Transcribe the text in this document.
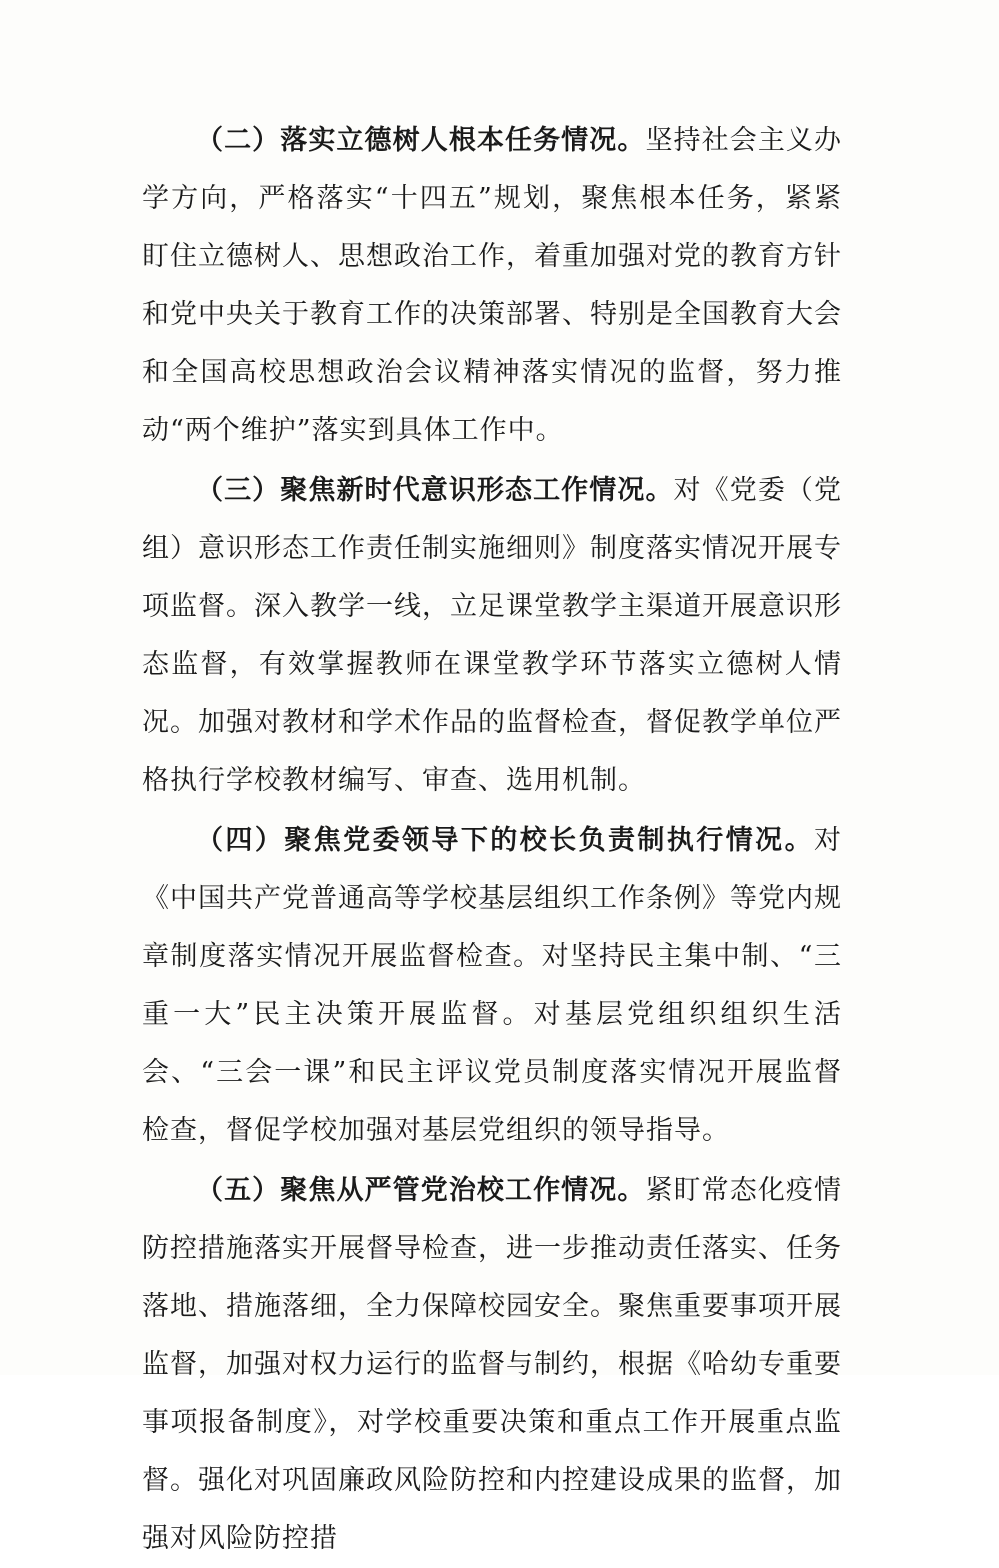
（二）落实立德树人根本任务情况。坚持社会主义办学方向，严格落实“十四五”规划，聚焦根本任务，紧紧盯住立德树人、思想政治工作，着重加强对党的教育方针和党中央关于教育工作的决策部署、特别是全国教育大会和全国高校思想政治会议精神落实情况的监督，努力推动“两个维护”落实到具体工作中。

（三）聚焦新时代意识形态工作情况。对《党委（党组）意识形态工作责任制实施细则》制度落实情况开展专项监督。深入教学一线，立足课堂教学主渠道开展意识形态监督，有效掌握教师在课堂教学环节落实立德树人情况。加强对教材和学术作品的监督检查，督促教学单位严格执行学校教材编写、审查、选用机制。

（四）聚焦党委领导下的校长负责制执行情况。对《中国共产党普通高等学校基层组织工作条例》等党内规章制度落实情况开展监督检查。对坚持民主集中制、“三重一大”民主决策开展监督。对基层党组织组织生活会、“三会一课”和民主评议党员制度落实情况开展监督检查，督促学校加强对基层党组织的领导指导。

（五）聚焦从严管党治校工作情况。紧盯常态化疫情防控措施落实开展督导检查，进一步推动责任落实、任务落地、措施落细，全力保障校园安全。聚焦重要事项开展监督，加强对权力运行的监督与制约，根据《哈幼专重要事项报备制度》，对学校重要决策和重点工作开展重点监督。强化对巩固廉政风险防控和内控建设成果的监督，加强对风险防控措
